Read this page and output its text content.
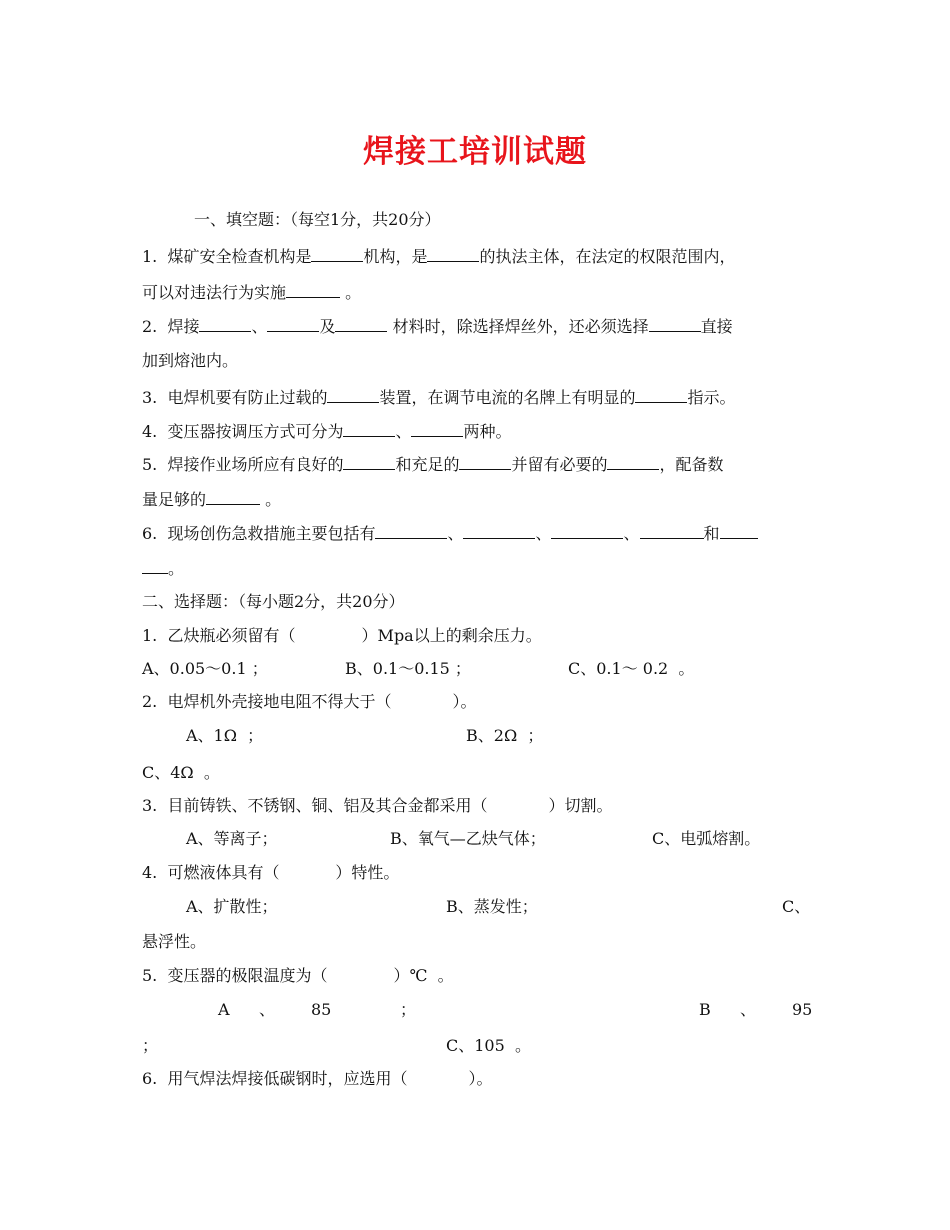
焊接工培训试题
一、填空题：（每空1分，共20分）
1.  煤矿安全检查机构是	机构，是	的执法主体，在法定的权限范围内，
可以对违法行为实施	。
2.  焊接	、	及	材料时，除选择焊丝外，还必须选择	直接
加到熔池内。
3.  电焊机要有防止过载的	装置，在调节电流的名牌上有明显的	指示。
4.  变压器按调压方式可分为	、	两种。
5.  焊接作业场所应有良好的	和充足的	并留有必要的	，配备数
量足够的	。
6.  现场创伤急救措施主要包括有	、	、	、	和
。
二、选择题：（每小题2分，共20分）
1.  乙炔瓶必须留有（             ）Mpa以上的剩余压力。
A、0.05～0.1 ；	B、0.1～0.15 ；	C、0.1～ 0.2  。
2.  电焊机外壳接地电阻不得大于（            ）。
A、1Ω  ；	B、2Ω  ；
C、4Ω  。
3.  目前铸铁、不锈钢、铜、铝及其合金都采用（            ）切割。
A、等离子；	B、氧气—乙炔气体；	C、电弧熔割。
4.  可燃液体具有（           ）特性。
A、扩散性；	B、蒸发性；	C、
悬浮性。
5.  变压器的极限温度为（             ）℃  。
A 、 85	；	B 、 95
；	C、105  。
6.  用气焊法焊接低碳钢时，应选用（            ）。
